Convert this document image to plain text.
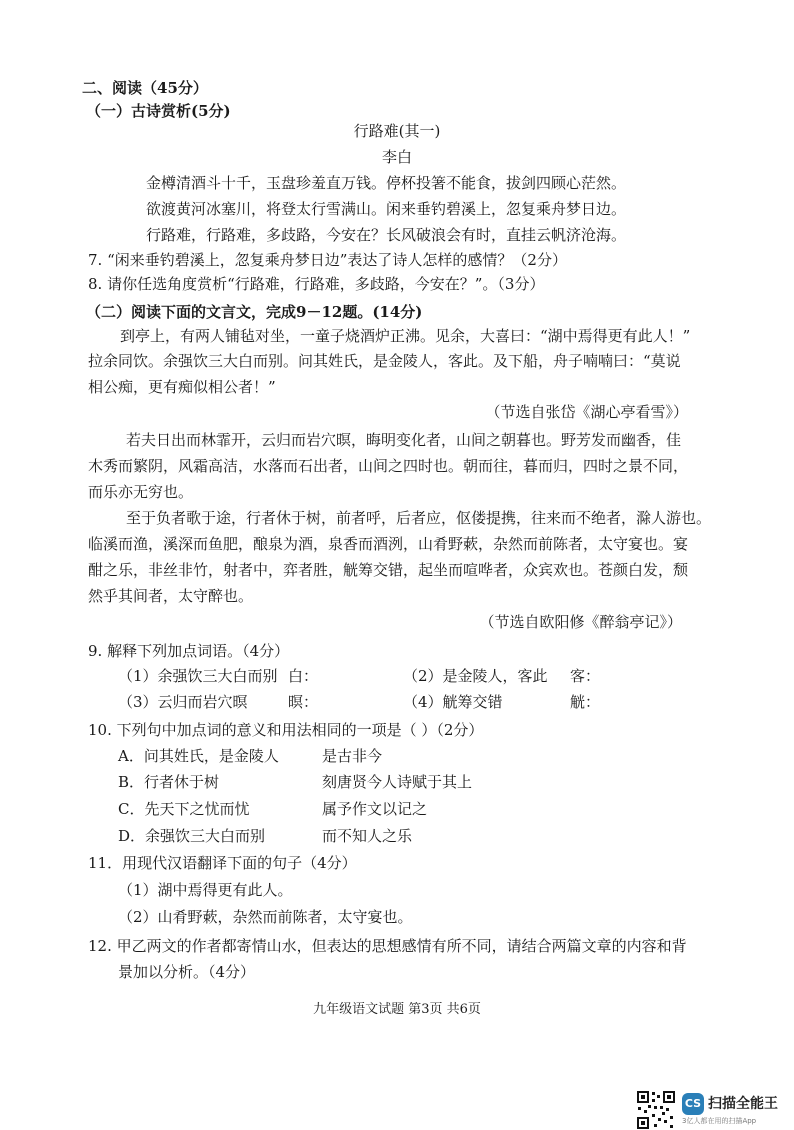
二、阅读（45分）
（一）古诗赏析(5分)
行路难(其一)
李白
金樽清酒斗十千，玉盘珍羞直万钱。停杯投箸不能食，拔剑四顾心茫然。
欲渡黄河冰塞川，将登太行雪满山。闲来垂钓碧溪上，忽复乘舟梦日边。
行路难，行路难，多歧路，今安在？长风破浪会有时，直挂云帆济沧海。
7. “闲来垂钓碧溪上，忽复乘舟梦日边”表达了诗人怎样的感情？（2分）
8. 请你任选角度赏析“行路难，行路难，多歧路，今安在？”。（3分）
（二）阅读下面的文言文，完成9－12题。(14分)
到亭上，有两人铺毡对坐，一童子烧酒炉正沸。见余，大喜曰：“湖中焉得更有此人！”
拉余同饮。余强饮三大白而别。问其姓氏，是金陵人，客此。及下船，舟子喃喃曰：“莫说
相公痴，更有痴似相公者！”
（节选自张岱《湖心亭看雪》）
若夫日出而林霏开，云归而岩穴暝，晦明变化者，山间之朝暮也。野芳发而幽香，佳
木秀而繁阴，风霜高洁，水落而石出者，山间之四时也。朝而往，暮而归，四时之景不同，
而乐亦无穷也。
至于负者歌于途，行者休于树，前者呼，后者应，伛偻提携，往来而不绝者，滁人游也。
临溪而渔，溪深而鱼肥，酿泉为酒，泉香而酒洌，山肴野蔌，杂然而前陈者，太守宴也。宴
酣之乐，非丝非竹，射者中，弈者胜，觥筹交错，起坐而喧哗者，众宾欢也。苍颜白发，颓
然乎其间者，太守醉也。
（节选自欧阳修《醉翁亭记》）
9. 解释下列加点词语。（4分）
（1）余强饮三大白而别 白：	（2）是金陵人，客此 客：
（3）云归而岩穴暝	暝：	（4）觥筹交错	觥：
10. 下列句中加点词的意义和用法相同的一项是（ ）（2分）
A．问其姓氏，是金陵人	是古非今
B．行者休于树	刻唐贤今人诗赋于其上
C．先天下之忧而忧	属予作文以记之
D．余强饮三大白而别	而不知人之乐
11．用现代汉语翻译下面的句子（4分）
（1）湖中焉得更有此人。
（2）山肴野蔌，杂然而前陈者，太守宴也。
12. 甲乙两文的作者都寄情山水，但表达的思想感情有所不同，请结合两篇文章的内容和背
景加以分析。（4分）
九年级语文试题 第3页 共6页
CS 扫描全能王
3亿人都在用的扫描App
